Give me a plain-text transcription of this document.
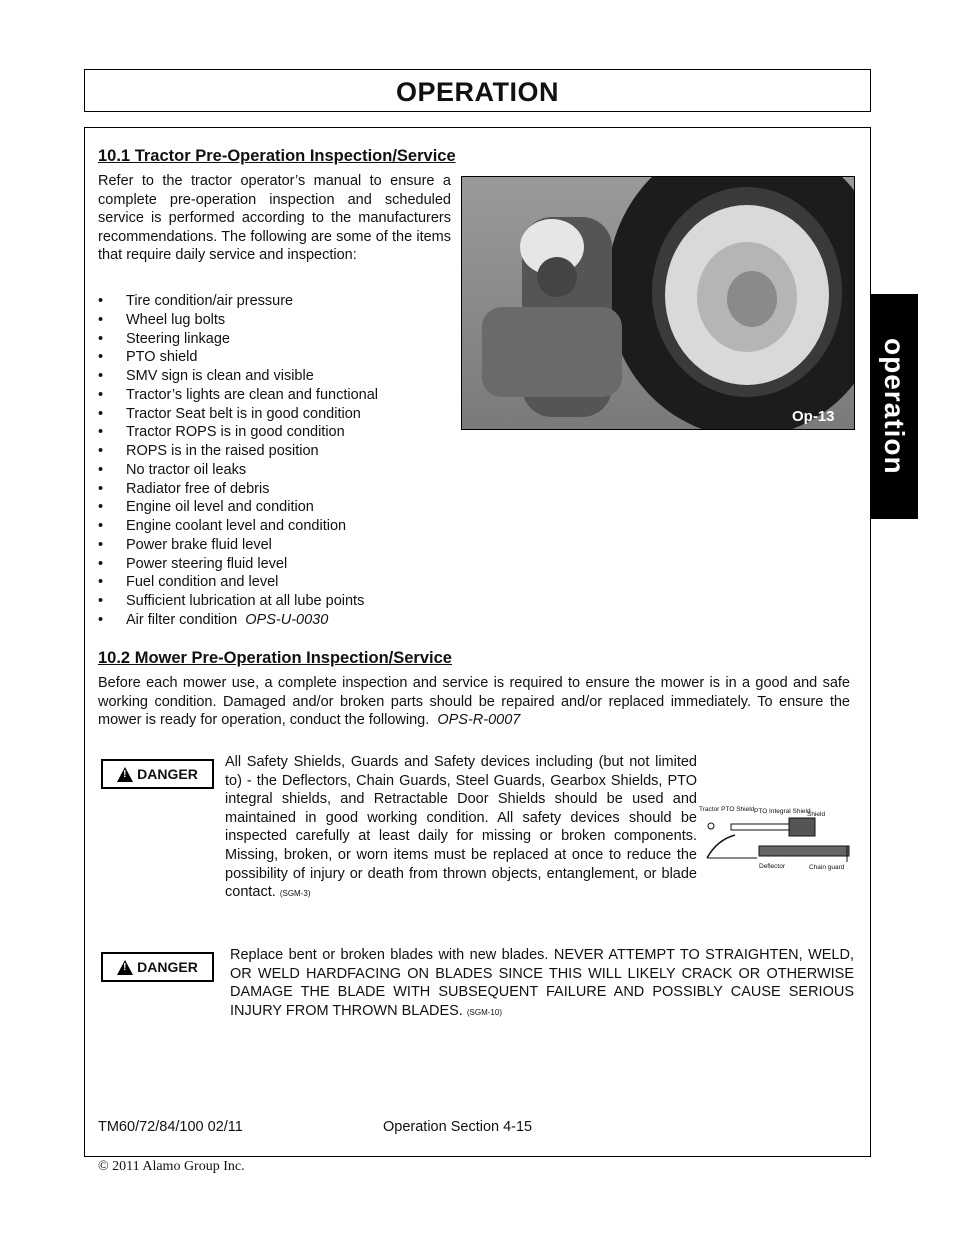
OPERATION
operation
10.1 Tractor Pre-Operation Inspection/Service

Refer to the tractor operator’s manual to ensure a complete pre-operation inspection and scheduled service is performed according to the manufacturers recommendations. The following are some of the items that require daily service and inspection:

• Tire condition/air pressure
• Wheel lug bolts
• Steering linkage
• PTO shield
• SMV sign is clean and visible
• Tractor’s lights are clean and functional
• Tractor Seat belt is in good condition
• Tractor ROPS is in good condition
• ROPS is in the raised position
• No tractor oil leaks
• Radiator free of debris
• Engine oil level and condition
• Engine coolant level and condition
• Power brake fluid level
• Power steering fluid level
• Fuel condition and level
• Sufficient lubrication at all lube points
• Air filter condition OPS-U-0030
Op-13
10.2 Mower Pre-Operation Inspection/Service

Before each mower use, a complete inspection and service is required to ensure the mower is in a good and safe working condition. Damaged and/or broken parts should be repaired and/or replaced immediately. To ensure the mower is ready for operation, conduct the following. OPS-R-0007

!
DANGER

All Safety Shields, Guards and Safety devices including (but not limited to) - the Deflectors, Chain Guards, Steel Guards, Gearbox Shields, PTO integral shields, and Retractable Door Shields should be used and maintained in good working condition. All safety devices should be inspected carefully at least daily for missing or broken components. Missing, broken, or worn items must be replaced at once to reduce the possibility of injury or death from thrown objects, entanglement, or blade contact. (SGM-3)

Tractor PTO Shield PTO Integral Shield
Shield
Deflector	Chain guard
!
DANGER

Replace bent or broken blades with new blades. NEVER ATTEMPT TO STRAIGHTEN, WELD, OR WELD HARDFACING ON BLADES SINCE THIS WILL LIKELY CRACK OR OTHERWISE DAMAGE THE BLADE WITH SUBSEQUENT FAILURE AND POSSIBLY CAUSE SERIOUS INJURY FROM THROWN BLADES. (SGM-10)

TM60/72/84/100 02/11	Operation Section 4-15
© 2011 Alamo Group Inc.
